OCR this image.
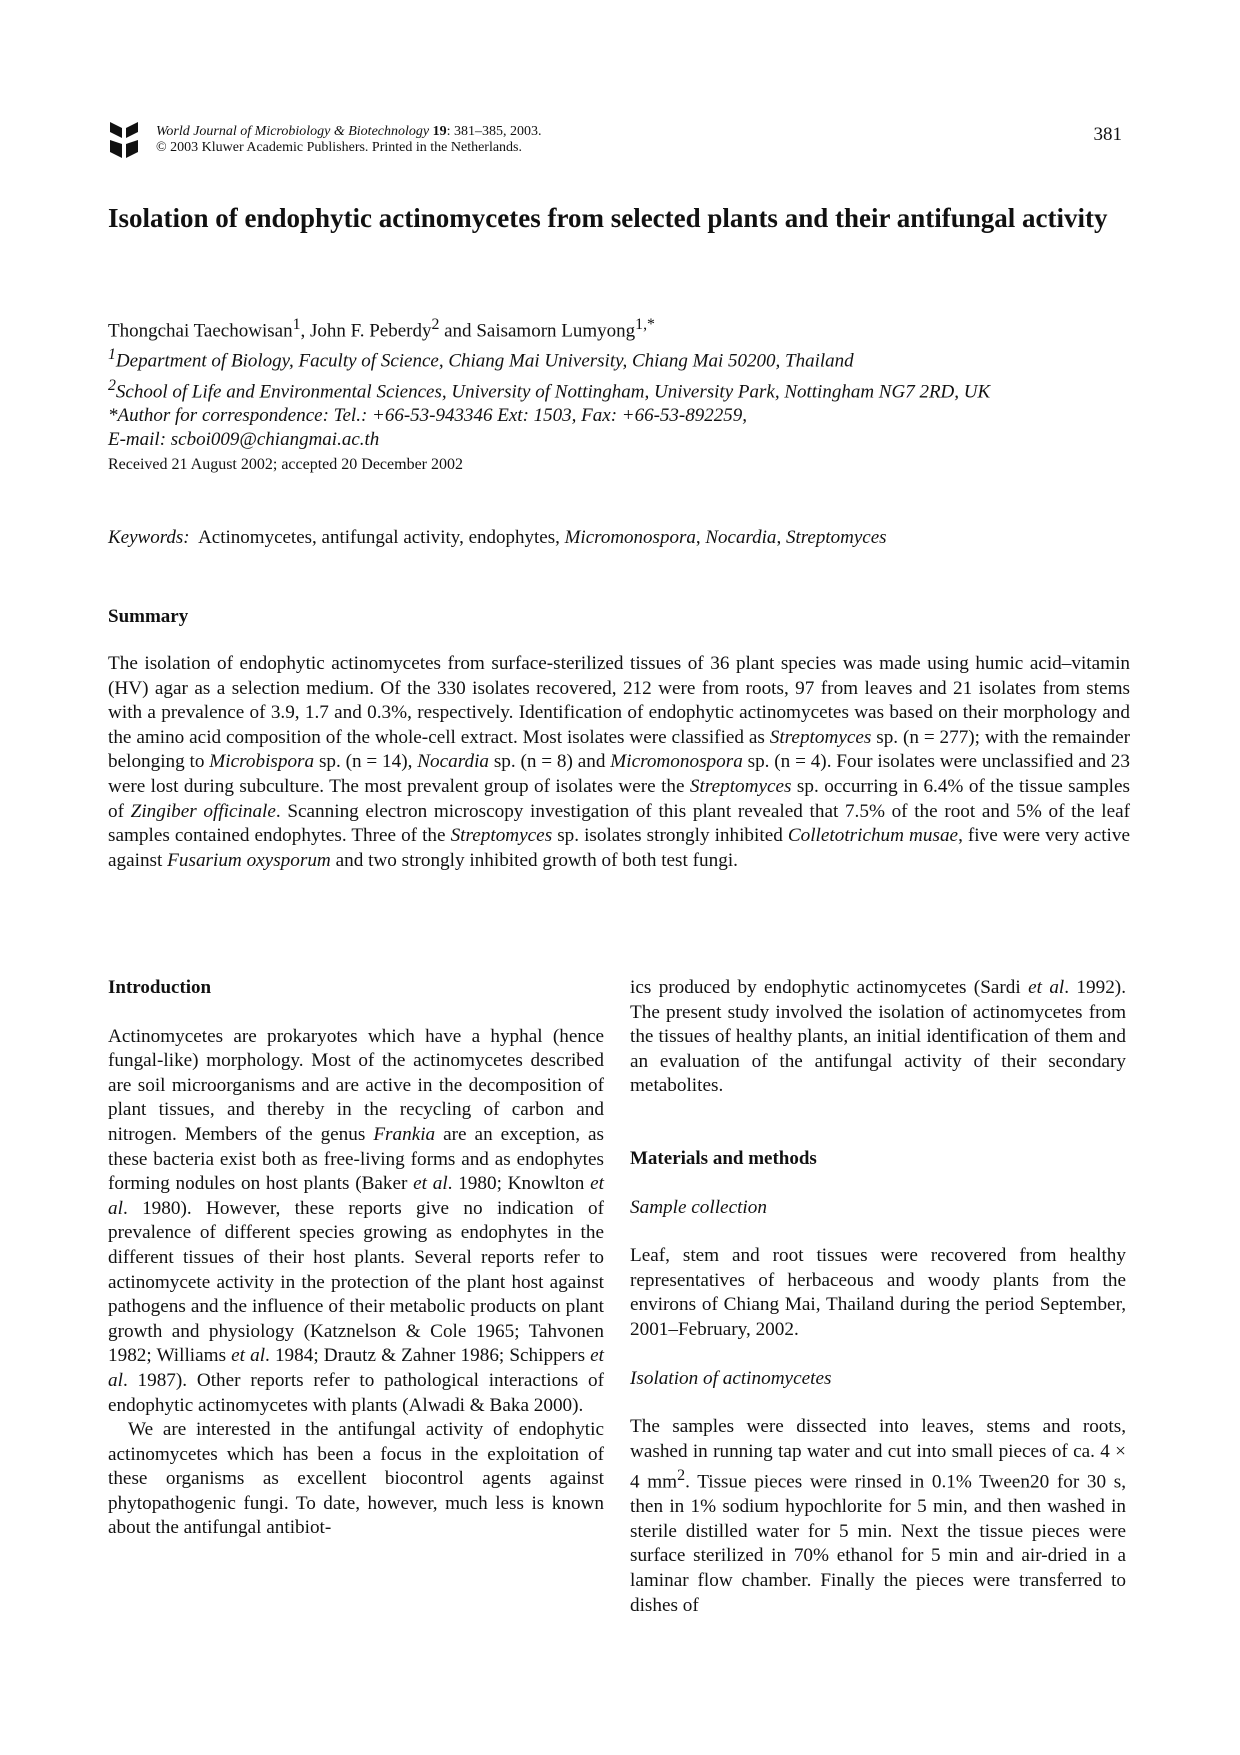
World Journal of Microbiology & Biotechnology 19: 381–385, 2003.
© 2003 Kluwer Academic Publishers. Printed in the Netherlands.
381
Isolation of endophytic actinomycetes from selected plants and their antifungal activity
Thongchai Taechowisan$^1$, John F. Peberdy$^2$ and Saisamorn Lumyong$^{1,*}$
$^1$Department of Biology, Faculty of Science, Chiang Mai University, Chiang Mai 50200, Thailand
$^2$School of Life and Environmental Sciences, University of Nottingham, University Park, Nottingham NG7 2RD, UK
*Author for correspondence: Tel.: +66-53-943346 Ext: 1503, Fax: +66-53-892259,
E-mail: scboi009@chiangmai.ac.th
Received 21 August 2002; accepted 20 December 2002
Keywords: Actinomycetes, antifungal activity, endophytes, Micromonospora, Nocardia, Streptomyces
Summary
The isolation of endophytic actinomycetes from surface-sterilized tissues of 36 plant species was made using humic acid–vitamin (HV) agar as a selection medium. Of the 330 isolates recovered, 212 were from roots, 97 from leaves and 21 isolates from stems with a prevalence of 3.9, 1.7 and 0.3%, respectively. Identification of endophytic actinomycetes was based on their morphology and the amino acid composition of the whole-cell extract. Most isolates were classified as Streptomyces sp. (n = 277); with the remainder belonging to Microbispora sp. (n = 14), Nocardia sp. (n = 8) and Micromonospora sp. (n = 4). Four isolates were unclassified and 23 were lost during subculture. The most prevalent group of isolates were the Streptomyces sp. occurring in 6.4% of the tissue samples of Zingiber officinale. Scanning electron microscopy investigation of this plant revealed that 7.5% of the root and 5% of the leaf samples contained endophytes. Three of the Streptomyces sp. isolates strongly inhibited Colletotrichum musae, five were very active against Fusarium oxysporum and two strongly inhibited growth of both test fungi.

Introduction

Actinomycetes are prokaryotes which have a hyphal (hence fungal-like) morphology. Most of the actinomycetes described are soil microorganisms and are active in the decomposition of plant tissues, and thereby in the recycling of carbon and nitrogen. Members of the genus Frankia are an exception, as these bacteria exist both as free-living forms and as endophytes forming nodules on host plants (Baker et al. 1980; Knowlton et al. 1980). However, these reports give no indication of prevalence of different species growing as endophytes in the different tissues of their host plants. Several reports refer to actinomycete activity in the protection of the plant host against pathogens and the influence of their metabolic products on plant growth and physiology (Katznelson & Cole 1965; Tahvonen 1982; Williams et al. 1984; Drautz & Zahner 1986; Schippers et al. 1987). Other reports refer to pathological interactions of endophytic actinomycetes with plants (Alwadi & Baka 2000).

We are interested in the antifungal activity of endophytic actinomycetes which has been a focus in the exploitation of these organisms as excellent biocontrol agents against phytopathogenic fungi. To date, however, much less is known about the antifungal antibiot-

ics produced by endophytic actinomycetes (Sardi et al. 1992). The present study involved the isolation of actinomycetes from the tissues of healthy plants, an initial identification of them and an evaluation of the antifungal activity of their secondary metabolites.

Materials and methods

Sample collection

Leaf, stem and root tissues were recovered from healthy representatives of herbaceous and woody plants from the environs of Chiang Mai, Thailand during the period September, 2001–February, 2002.

Isolation of actinomycetes

The samples were dissected into leaves, stems and roots, washed in running tap water and cut into small pieces of ca. 4 × 4 $mm^2$. Tissue pieces were rinsed in 0.1% Tween20 for 30 s, then in 1% sodium hypochlorite for 5 min, and then washed in sterile distilled water for 5 min. Next the tissue pieces were surface sterilized in 70% ethanol for 5 min and air-dried in a laminar flow chamber. Finally the pieces were transferred to dishes of
